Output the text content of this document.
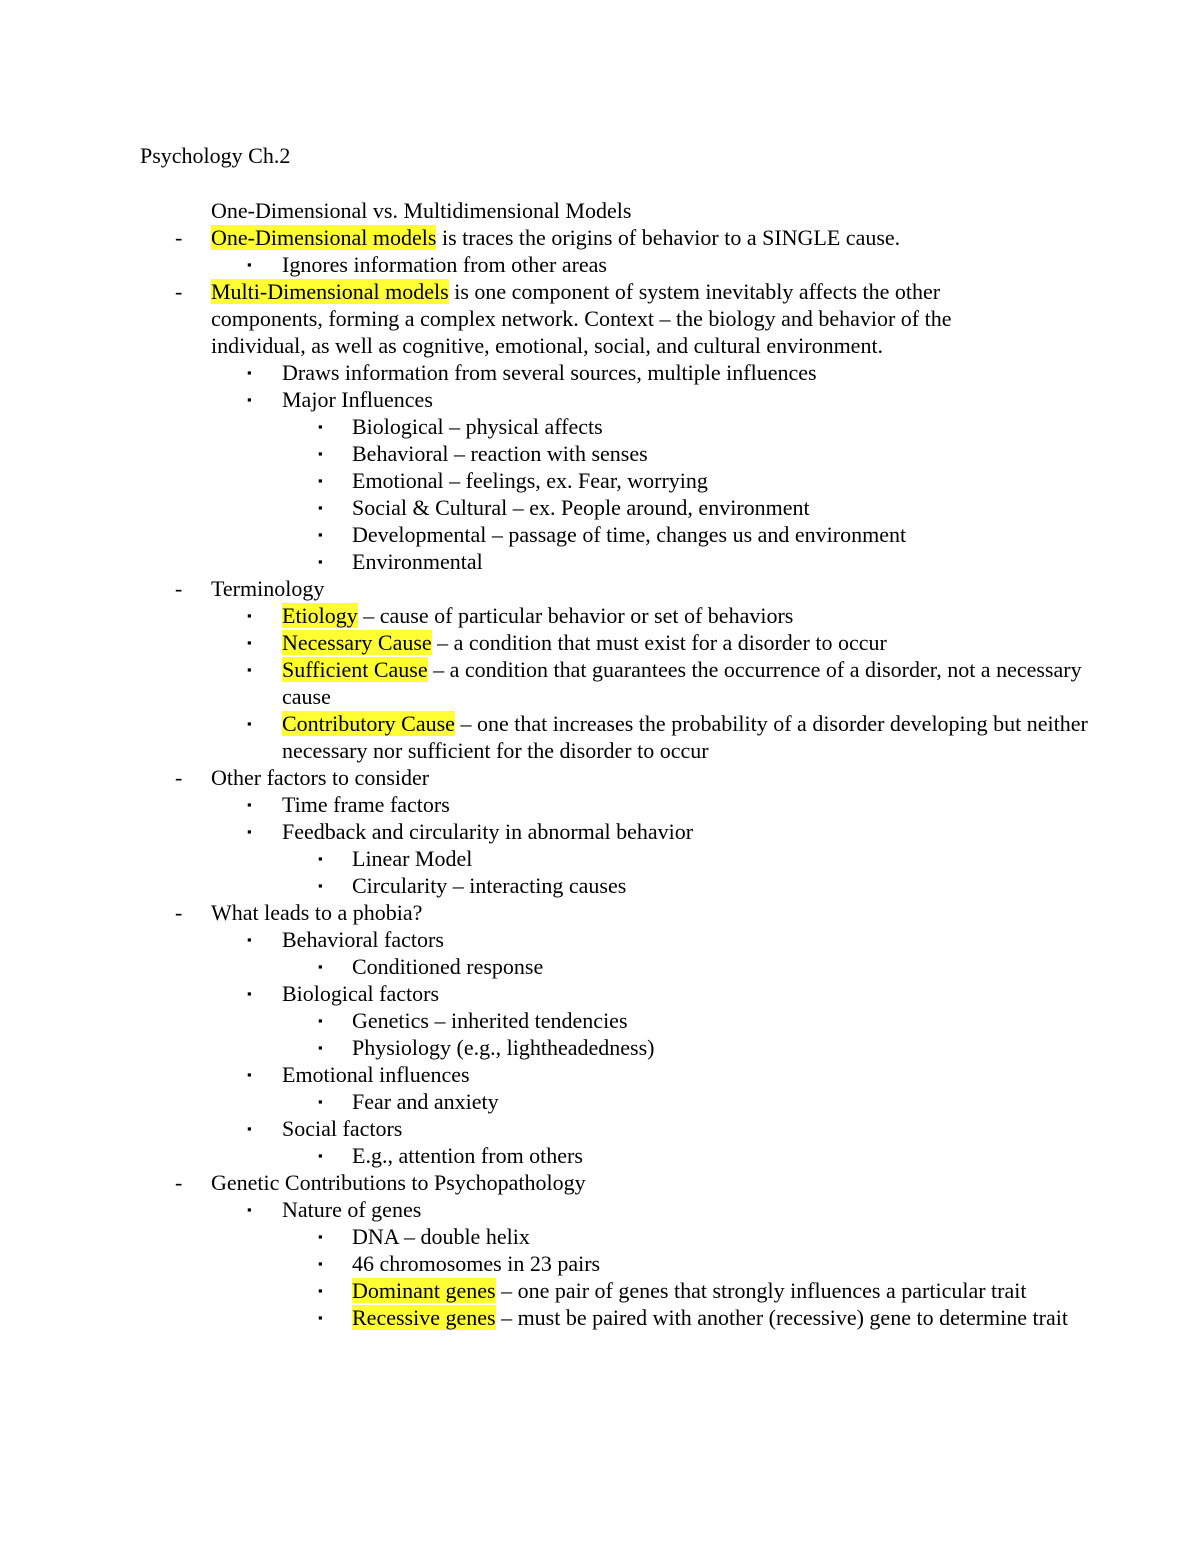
Psychology Ch.2
One-Dimensional vs. Multidimensional Models
- One-Dimensional models is traces the origins of behavior to a SINGLE cause.
▪ Ignores information from other areas
- Multi-Dimensional models is one component of system inevitably affects the other components, forming a complex network. Context – the biology and behavior of the individual, as well as cognitive, emotional, social, and cultural environment.
▪ Draws information from several sources, multiple influences
▪ Major Influences
▪ Biological – physical affects
▪ Behavioral – reaction with senses
▪ Emotional – feelings, ex. Fear, worrying
▪ Social & Cultural – ex. People around, environment
▪ Developmental – passage of time, changes us and environment
▪ Environmental
- Terminology
▪ Etiology – cause of particular behavior or set of behaviors
▪ Necessary Cause – a condition that must exist for a disorder to occur
▪ Sufficient Cause – a condition that guarantees the occurrence of a disorder, not a necessary cause
▪ Contributory Cause – one that increases the probability of a disorder developing but neither necessary nor sufficient for the disorder to occur
- Other factors to consider
▪ Time frame factors
▪ Feedback and circularity in abnormal behavior
▪ Linear Model
▪ Circularity – interacting causes
- What leads to a phobia?
▪ Behavioral factors
▪ Conditioned response
▪ Biological factors
▪ Genetics – inherited tendencies
▪ Physiology (e.g., lightheadedness)
▪ Emotional influences
▪ Fear and anxiety
▪ Social factors
▪ E.g., attention from others
- Genetic Contributions to Psychopathology
▪ Nature of genes
▪ DNA – double helix
▪ 46 chromosomes in 23 pairs
▪ Dominant genes – one pair of genes that strongly influences a particular trait
▪ Recessive genes – must be paired with another (recessive) gene to determine trait
